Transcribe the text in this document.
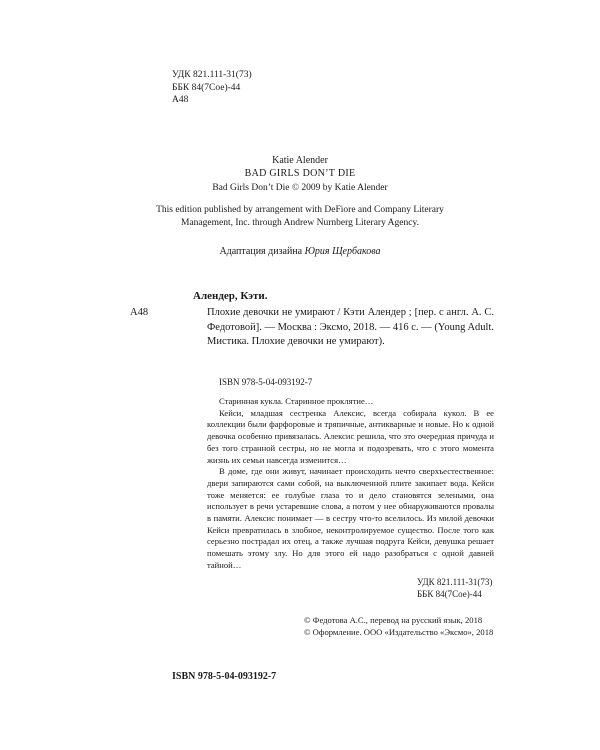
УДК 821.111-31(73)
ББК 84(7Сое)-44
А48
Katie Alender
BAD GIRLS DON’T DIE
Bad Girls Don’t Die © 2009 by Katie Alender
This edition published by arrangement with DeFiore and Company Literary Management, Inc. through Andrew Nurnberg Literary Agency.
Адаптация дизайна Юрия Щербакова
Алендер, Кэти.
А48	Плохие девочки не умирают / Кэти Алендер ; [пер. с англ. А. С. Федотовой]. — Москва : Эксмо, 2018. — 416 с. — (Young Adult. Мистика. Плохие девочки не умирают).
ISBN 978-5-04-093192-7

Старинная кукла. Старинное проклятие…

Кейси, младшая сестренка Алексис, всегда собирала кукол. В ее коллекции были фарфоровые и тряпичные, антикварные и новые. Но к одной девочка особенно привязалась. Алексис решила, что это очередная причуда и без того странной сестры, но не могла и подозревать, что с этого момента жизнь их семьи навсегда изменится…

В доме, где они живут, начинает происходить нечто сверхъестественное: двери запираются сами собой, на выключенной плите закипает вода. Кейси тоже меняется: ее голубые глаза то и дело становятся зелеными, она использует в речи устаревшие слова, а потом у нее обнаруживаются провалы в памяти. Алексис понимает — в сестру что-то вселилось. Из милой девочки Кейси превратилась в злобное, неконтролируемое существо. После того как серьезно пострадал их отец, а также лучшая подруга Кейси, девушка решает помешать этому злу. Но для этого ей надо разобраться с одной давней тайной…

УДК 821.111-31(73)
ББК 84(7Сое)-44

© Федотова А.С., перевод на русский язык, 2018

© Оформление. ООО «Издательство «Эксмо», 2018

ISBN 978-5-04-093192-7
